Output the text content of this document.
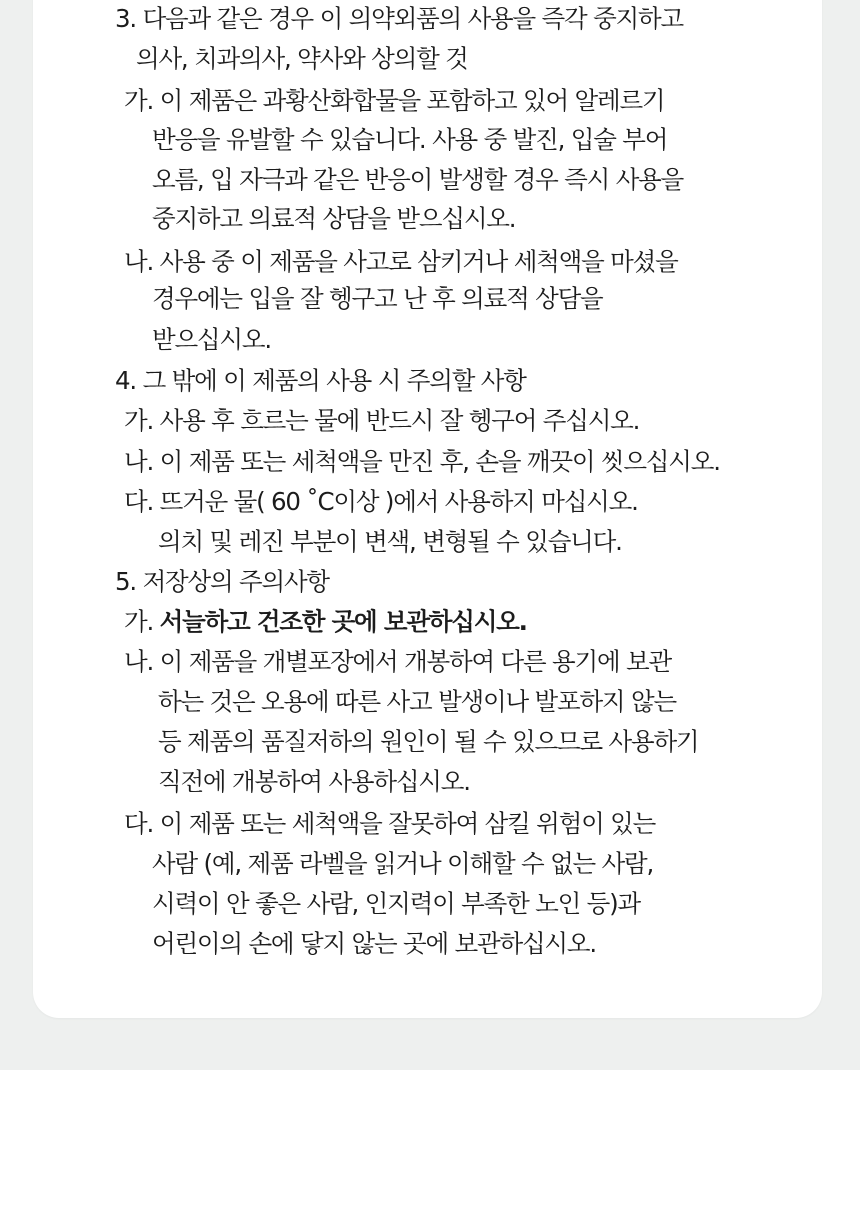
3. 다음과 같은 경우 이 의약외품의 사용을 즉각 중지하고
의사, 치과의사, 약사와 상의할 것
가. 이 제품은 과황산화합물을 포함하고 있어 알레르기
반응을 유발할 수 있습니다. 사용 중 발진, 입술 부어
오름, 입 자극과 같은 반응이 발생할 경우 즉시 사용을
중지하고 의료적 상담을 받으십시오.
나. 사용 중 이 제품을 사고로 삼키거나 세척액을 마셨을
경우에는 입을 잘 헹구고 난 후 의료적 상담을
받으십시오.
4. 그 밖에 이 제품의 사용 시 주의할 사항
가. 사용 후 흐르는 물에 반드시 잘 헹구어 주십시오.
나. 이 제품 또는 세척액을 만진 후, 손을 깨끗이 씻으십시오.
다. 뜨거운 물( 60 ˚C이상 )에서 사용하지 마십시오.
의치 및 레진 부분이 변색, 변형될 수 있습니다.
5. 저장상의 주의사항
가. 서늘하고 건조한 곳에 보관하십시오.
나. 이 제품을 개별포장에서 개봉하여 다른 용기에 보관
하는 것은 오용에 따른 사고 발생이나 발포하지 않는
등 제품의 품질저하의 원인이 될 수 있으므로 사용하기
직전에 개봉하여 사용하십시오.
다. 이 제품 또는 세척액을 잘못하여 삼킬 위험이 있는
사람 (예, 제품 라벨을 읽거나 이해할 수 없는 사람,
시력이 안 좋은 사람, 인지력이 부족한 노인 등)과
어린이의 손에 닿지 않는 곳에 보관하십시오.
